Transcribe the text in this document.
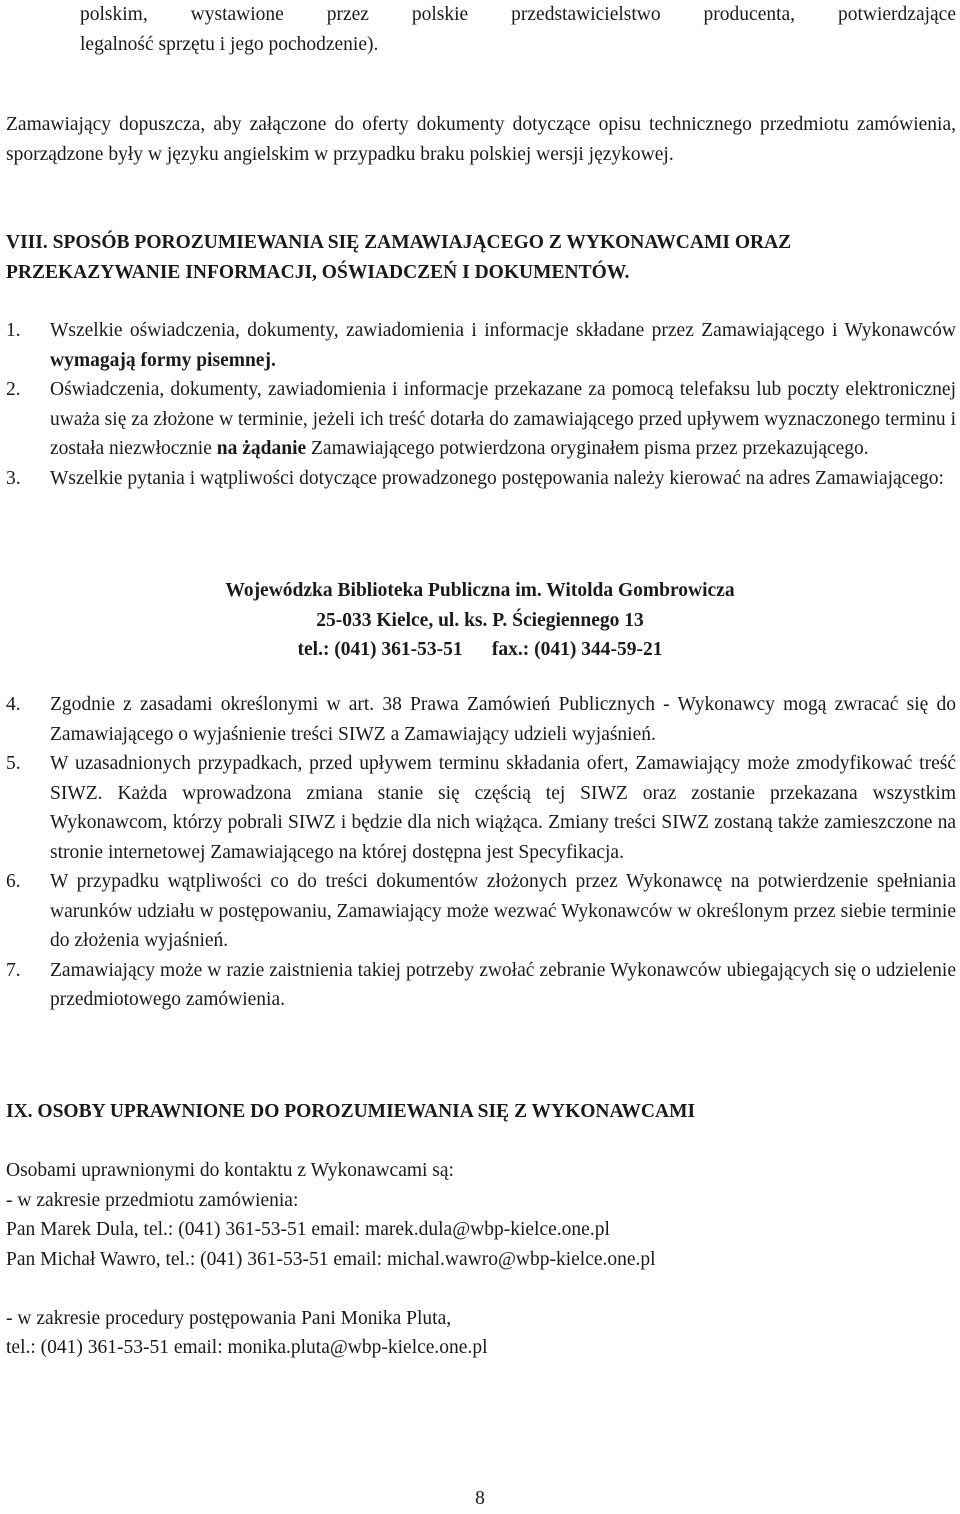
polskim, wystawione przez polskie przedstawicielstwo producenta, potwierdzające
legalność sprzętu i jego pochodzenie).

Zamawiający dopuszcza, aby załączone do oferty dokumenty dotyczące opisu technicznego przedmiotu zamówienia, sporządzone były w języku angielskim w przypadku braku polskiej wersji językowej.

VIII. SPOSÓB POROZUMIEWANIA SIĘ ZAMAWIAJĄCEGO Z WYKONAWCAMI ORAZ PRZEKAZYWANIE INFORMACJI, OŚWIADCZEŃ I DOKUMENTÓW.

1. Wszelkie oświadczenia, dokumenty, zawiadomienia i informacje składane przez Zamawiającego i Wykonawców wymagają formy pisemnej.
2. Oświadczenia, dokumenty, zawiadomienia i informacje przekazane za pomocą telefaksu lub poczty elektronicznej uważa się za złożone w terminie, jeżeli ich treść dotarła do zamawiającego przed upływem wyznaczonego terminu i została niezwłocznie na żądanie Zamawiającego potwierdzona oryginałem pisma przez przekazującego.
3. Wszelkie pytania i wątpliwości dotyczące prowadzonego postępowania należy kierować na adres Zamawiającego:
Wojewódzka Biblioteka Publiczna im. Witolda Gombrowicza
25-033 Kielce, ul. ks. P. Ściegiennego 13
tel.: (041) 361-53-51      fax.: (041) 344-59-21
4. Zgodnie z zasadami określonymi w art. 38 Prawa Zamówień Publicznych - Wykonawcy mogą zwracać się do Zamawiającego o wyjaśnienie treści SIWZ a Zamawiający udzieli wyjaśnień.
5. W uzasadnionych przypadkach, przed upływem terminu składania ofert, Zamawiający może zmodyfikować treść SIWZ. Każda wprowadzona zmiana stanie się częścią tej SIWZ oraz zostanie przekazana wszystkim Wykonawcom, którzy pobrali SIWZ i będzie dla nich wiążąca. Zmiany treści SIWZ zostaną także zamieszczone na stronie internetowej Zamawiającego na której dostępna jest Specyfikacja.
6. W przypadku wątpliwości co do treści dokumentów złożonych przez Wykonawcę na potwierdzenie spełniania warunków udziału w postępowaniu, Zamawiający może wezwać Wykonawców w określonym przez siebie terminie do złożenia wyjaśnień.
7. Zamawiający może w razie zaistnienia takiej potrzeby zwołać zebranie Wykonawców ubiegających się o udzielenie przedmiotowego zamówienia.

IX. OSOBY UPRAWNIONE DO POROZUMIEWANIA SIĘ Z WYKONAWCAMI

Osobami uprawnionymi do kontaktu z Wykonawcami są:

- w zakresie przedmiotu zamówienia:

Pan Marek Dula, tel.: (041) 361-53-51 email: marek.dula@wbp-kielce.one.pl

Pan Michał Wawro, tel.: (041) 361-53-51 email: michal.wawro@wbp-kielce.one.pl

- w zakresie procedury postępowania Pani Monika Pluta,

tel.: (041) 361-53-51 email: monika.pluta@wbp-kielce.one.pl

8
